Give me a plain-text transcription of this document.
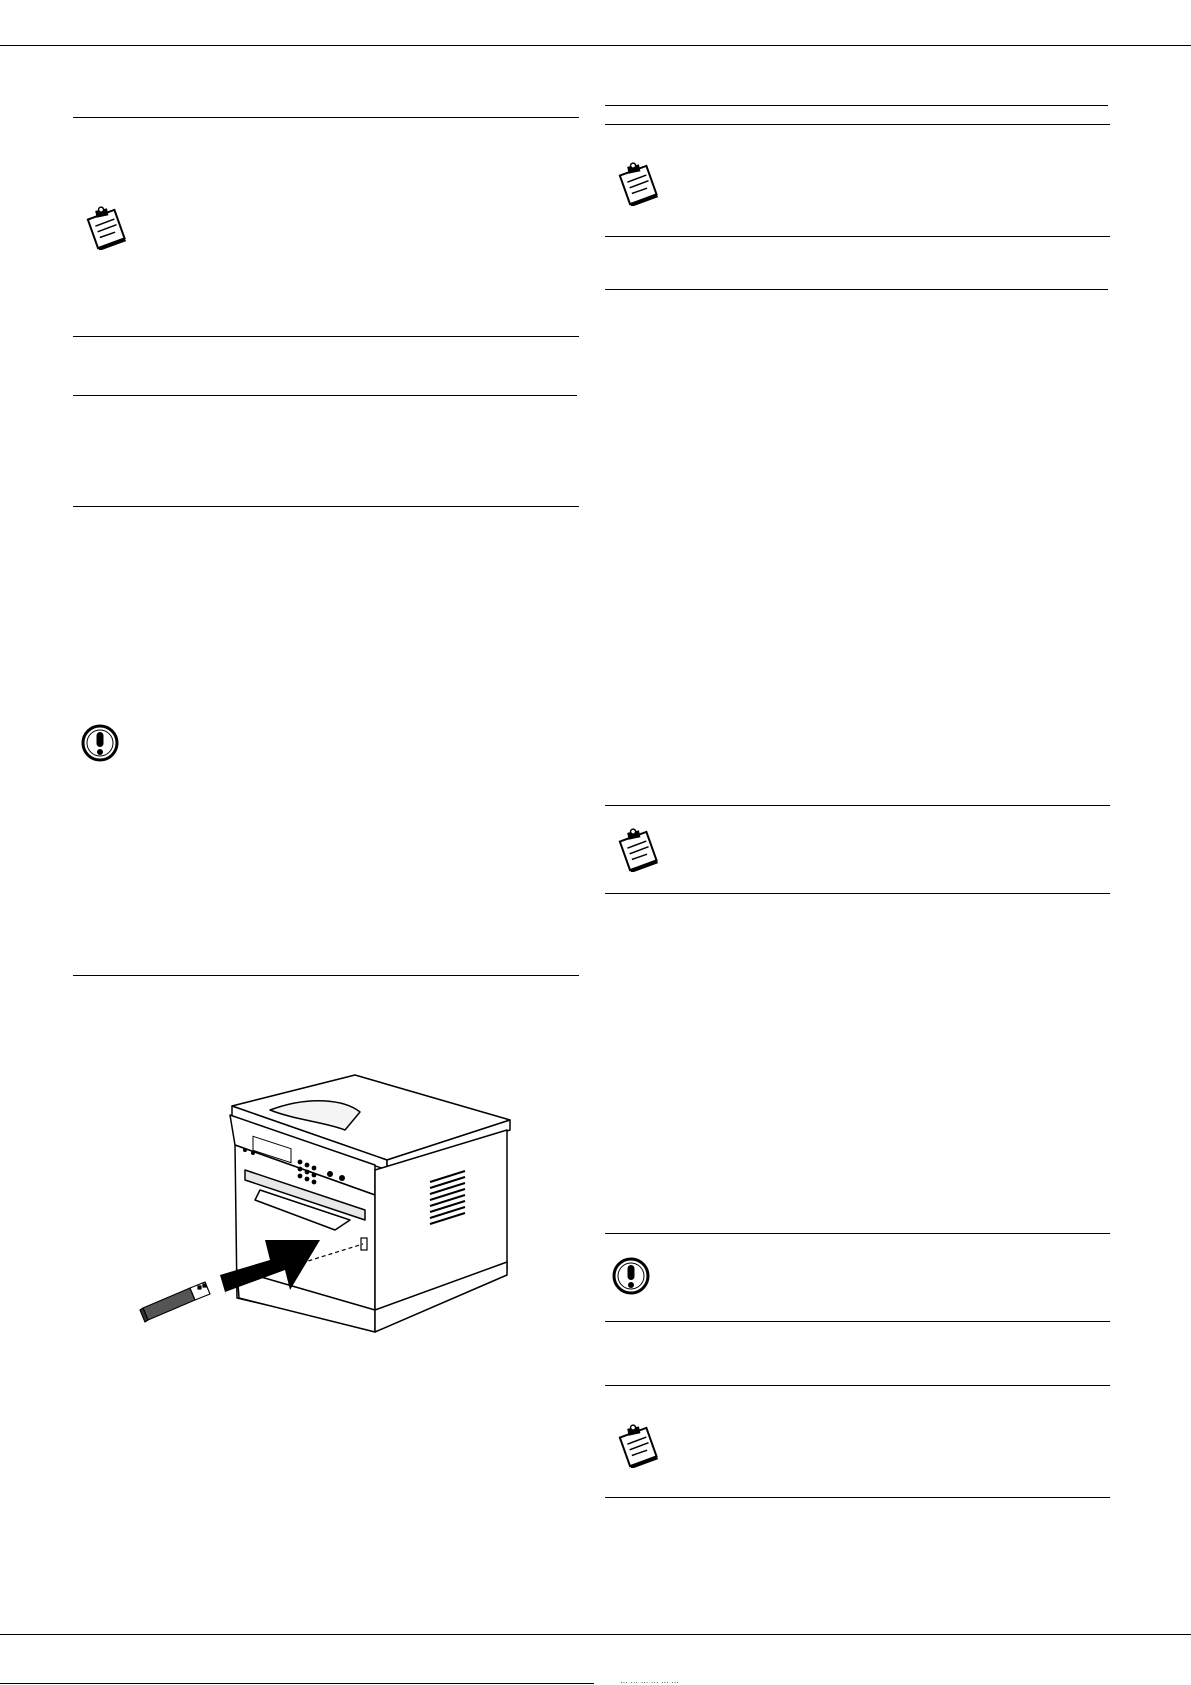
… … … … … …
